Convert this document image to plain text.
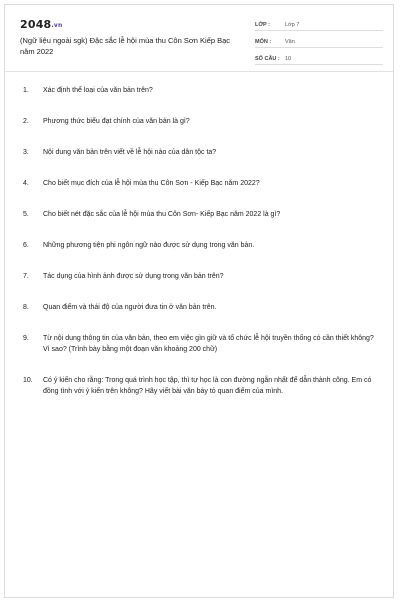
2048.vn
(Ngữ liệu ngoài sgk) Đặc sắc lễ hội mùa thu Côn Sơn Kiếp Bạc năm 2022
LỚP :	Lớp 7
MÔN :	Văn
SỐ CÂU : 10
1.	Xác định thể loại của văn bản trên?
2.	Phương thức biểu đạt chính của văn bản là gì?
3.	Nội dung văn bản trên viết về lễ hội nào của dân tộc ta?
4.	Cho biết mục đích của lễ hội mùa thu Côn Sơn - Kiếp Bạc năm 2022?
5.	Cho biết nét đặc sắc của lễ hội mùa thu Côn Sơn- Kiếp Bạc năm 2022 là gì?
6.	Những phương tiện phi ngôn ngữ nào được sử dụng trong văn bản.
7.	Tác dụng của hình ảnh được sử dụng trong văn bản trên?
8.	Quan điểm và thái độ của người đưa tin ở văn bản trên.
9.	Từ nội dung thông tin của văn bản, theo em việc gìn giữ và tổ chức lễ hội truyền thống có cần thiết không? Vì sao? (Trình bày bằng một đoạn văn khoảng 200 chữ)
10.	Có ý kiến cho rằng: Trong quá trình học tập, thì tự học là con đường ngắn nhất để dẫn thành công. Em có đồng tình với ý kiến trên không? Hãy viết bài văn bày tỏ quan điểm của mình.
